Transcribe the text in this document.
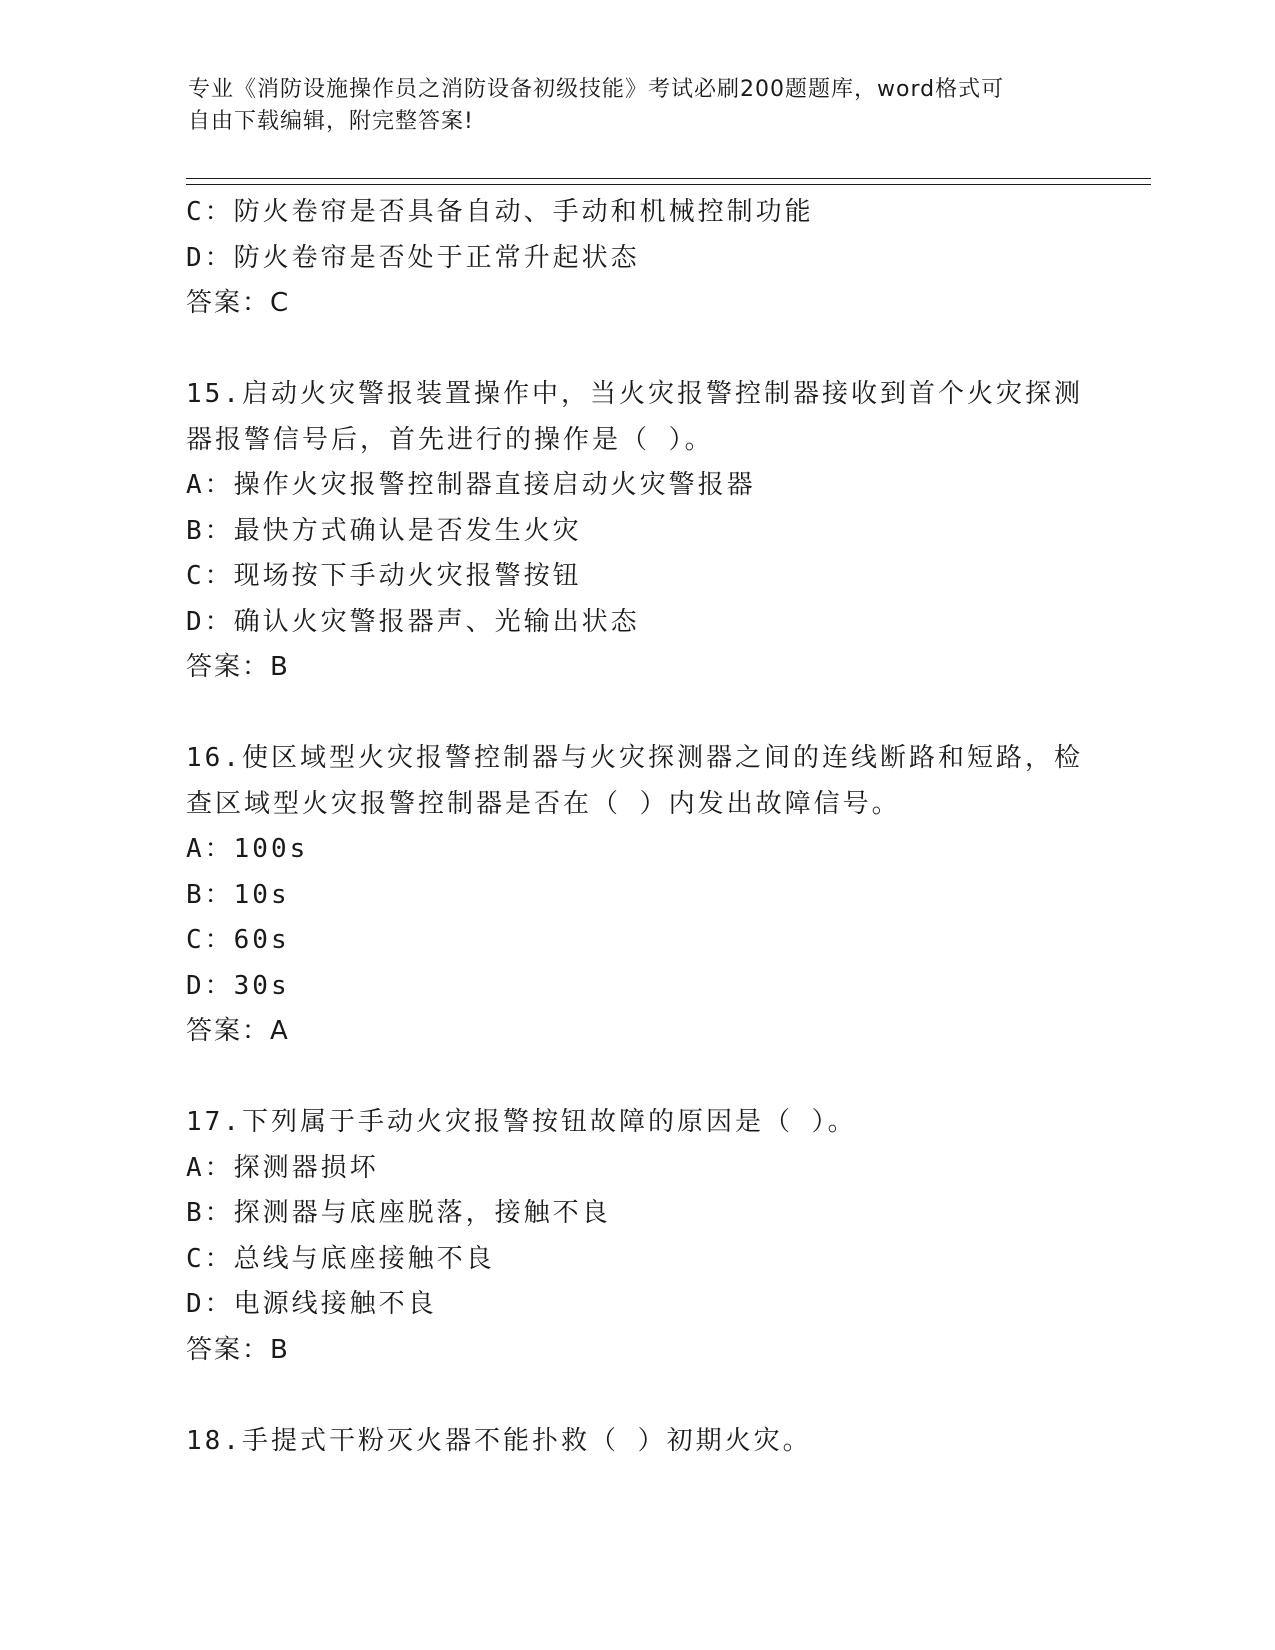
专业《消防设施操作员之消防设备初级技能》考试必刷200题题库，word格式可
自由下载编辑，附完整答案!
C：防火卷帘是否具备自动、手动和机械控制功能
D：防火卷帘是否处于正常升起状态
答案：C
15.启动火灾警报装置操作中，当火灾报警控制器接收到首个火灾探测
器报警信号后，首先进行的操作是（ ）。
A：操作火灾报警控制器直接启动火灾警报器
B：最快方式确认是否发生火灾
C：现场按下手动火灾报警按钮
D：确认火灾警报器声、光输出状态
答案：B
16.使区域型火灾报警控制器与火灾探测器之间的连线断路和短路，检
查区域型火灾报警控制器是否在（ ）内发出故障信号。
A：100s
B：10s
C：60s
D：30s
答案：A
17.下列属于手动火灾报警按钮故障的原因是（ ）。
A：探测器损坏
B：探测器与底座脱落，接触不良
C：总线与底座接触不良
D：电源线接触不良
答案：B
18.手提式干粉灭火器不能扑救（ ）初期火灾。
